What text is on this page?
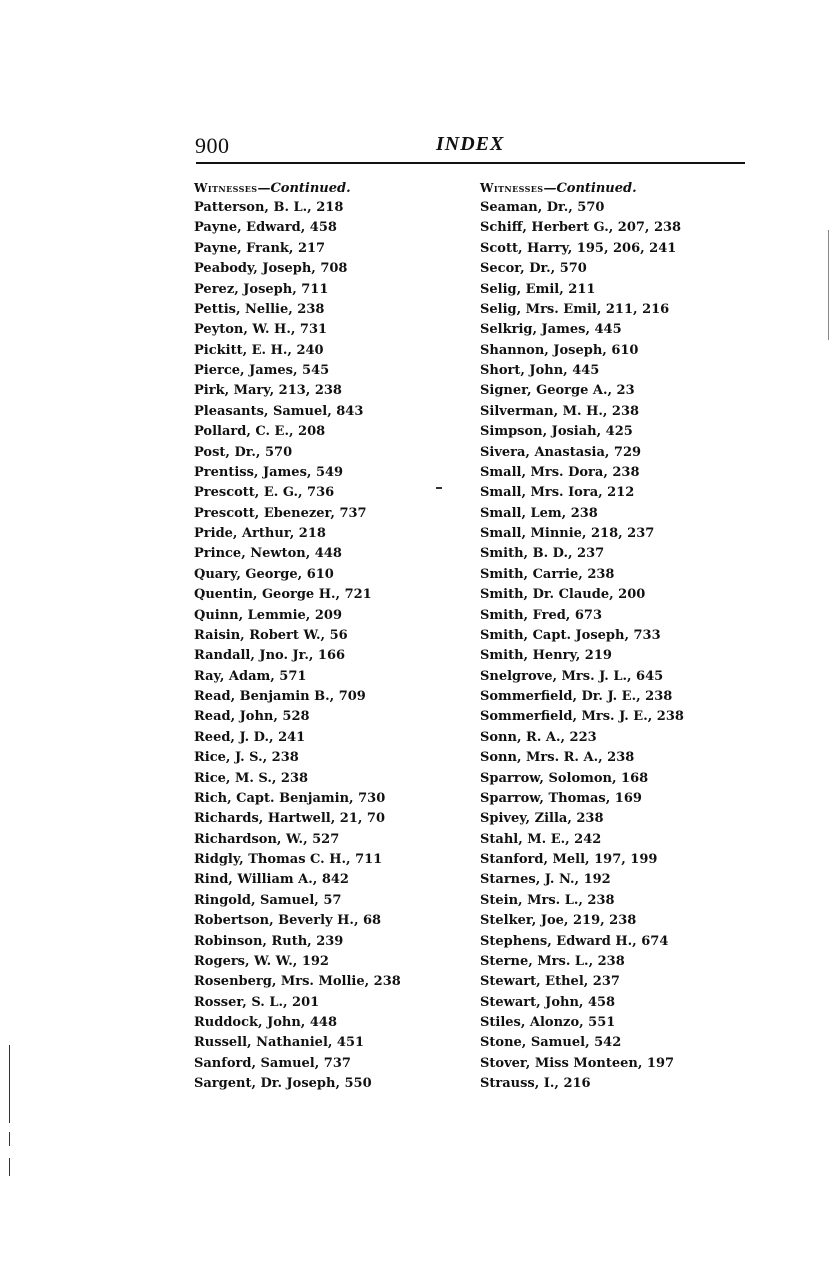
900	INDEX
Witnesses—Continued.
Patterson, B. L., 218
Payne, Edward, 458
Payne, Frank, 217
Peabody, Joseph, 708
Perez, Joseph, 711
Pettis, Nellie, 238
Peyton, W. H., 731
Pickitt, E. H., 240
Pierce, James, 545
Pirk, Mary, 213, 238
Pleasants, Samuel, 843
Pollard, C. E., 208
Post, Dr., 570
Prentiss, James, 549
Prescott, E. G., 736
Prescott, Ebenezer, 737
Pride, Arthur, 218
Prince, Newton, 448
Quary, George, 610
Quentin, George H., 721
Quinn, Lemmie, 209
Raisin, Robert W., 56
Randall, Jno. Jr., 166
Ray, Adam, 571
Read, Benjamin B., 709
Read, John, 528
Reed, J. D., 241
Rice, J. S., 238
Rice, M. S., 238
Rich, Capt. Benjamin, 730
Richards, Hartwell, 21, 70
Richardson, W., 527
Ridgly, Thomas C. H., 711
Rind, William A., 842
Ringold, Samuel, 57
Robertson, Beverly H., 68
Robinson, Ruth, 239
Rogers, W. W., 192
Rosenberg, Mrs. Mollie, 238
Rosser, S. L., 201
Ruddock, John, 448
Russell, Nathaniel, 451
Sanford, Samuel, 737
Sargent, Dr. Joseph, 550
Witnesses—Continued.
Seaman, Dr., 570
Schiff, Herbert G., 207, 238
Scott, Harry, 195, 206, 241
Secor, Dr., 570
Selig, Emil, 211
Selig, Mrs. Emil, 211, 216
Selkrig, James, 445
Shannon, Joseph, 610
Short, John, 445
Signer, George A., 23
Silverman, M. H., 238
Simpson, Josiah, 425
Sivera, Anastasia, 729
Small, Mrs. Dora, 238
Small, Mrs. Iora, 212
Small, Lem, 238
Small, Minnie, 218, 237
Smith, B. D., 237
Smith, Carrie, 238
Smith, Dr. Claude, 200
Smith, Fred, 673
Smith, Capt. Joseph, 733
Smith, Henry, 219
Snelgrove, Mrs. J. L., 645
Sommerfield, Dr. J. E., 238
Sommerfield, Mrs. J. E., 238
Sonn, R. A., 223
Sonn, Mrs. R. A., 238
Sparrow, Solomon, 168
Sparrow, Thomas, 169
Spivey, Zilla, 238
Stahl, M. E., 242
Stanford, Mell, 197, 199
Starnes, J. N., 192
Stein, Mrs. L., 238
Stelker, Joe, 219, 238
Stephens, Edward H., 674
Sterne, Mrs. L., 238
Stewart, Ethel, 237
Stewart, John, 458
Stiles, Alonzo, 551
Stone, Samuel, 542
Stover, Miss Monteen, 197
Strauss, I., 216
